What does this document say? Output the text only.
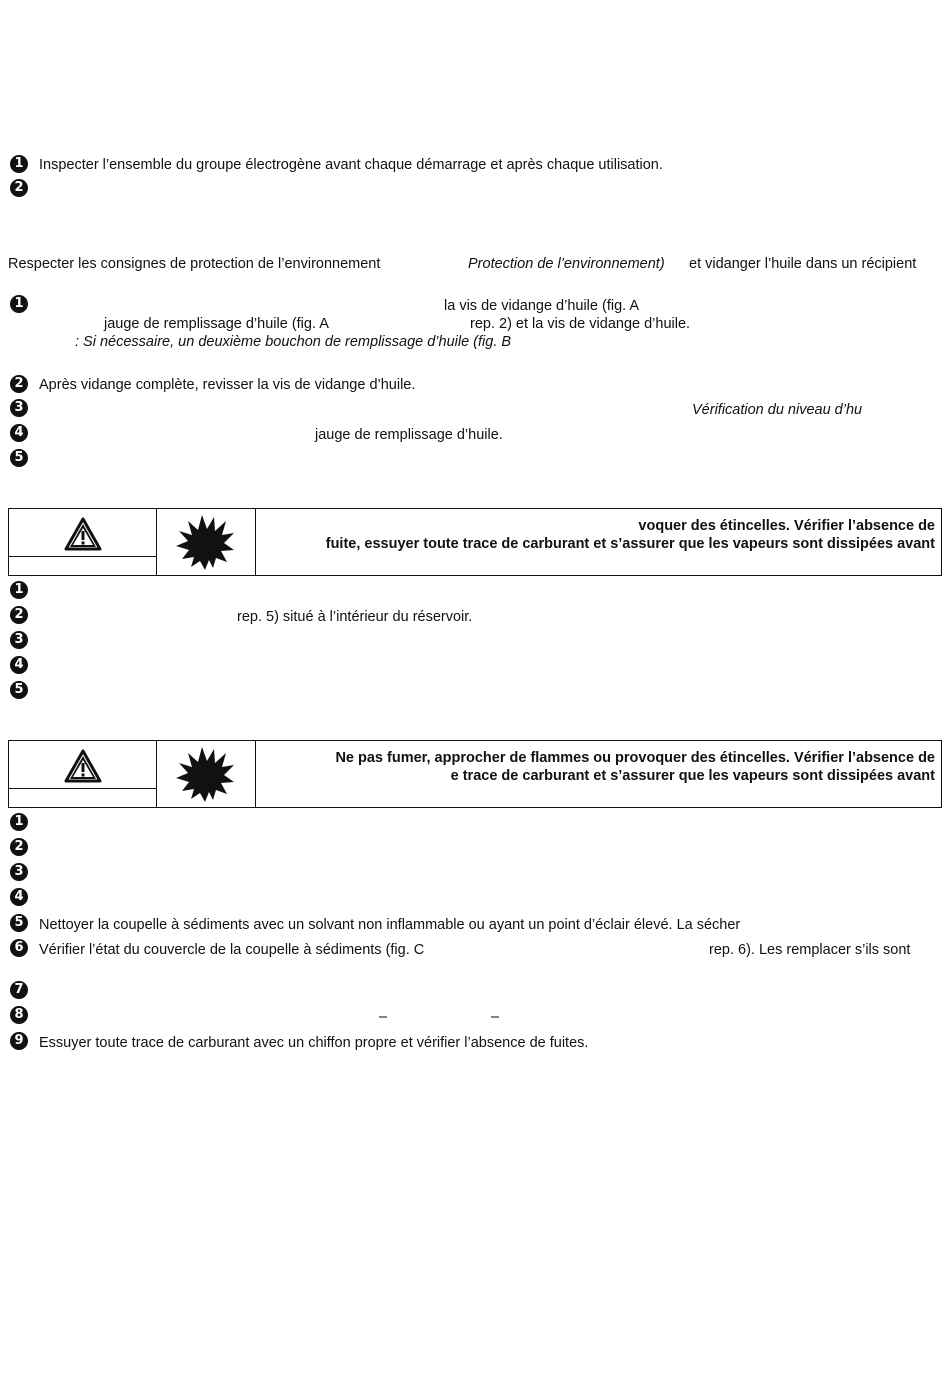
1	Inspecter l’ensemble du groupe électrogène avant chaque démarrage et après chaque utilisation.
2
Respecter les consignes de protection de l’environnement	Protection de l’environnement) et vidanger l’huile dans un récipient
1	la vis de vidange d’huile (fig. A
jauge de remplissage d’huile (fig. A	rep. 2) et la vis de vidange d’huile.
: Si nécessaire, un deuxième bouchon de remplissage d’huile (fig. B
2	Après vidange complète, revisser la vis de vidange d’huile.
3	Vérification du niveau d’hu
4	jauge de remplissage d’huile.
5
voquer des étincelles. Vérifier l’absence de
fuite, essuyer toute trace de carburant et s’assurer que les vapeurs sont dissipées avant
1
2	rep. 5) situé à l’intérieur du réservoir.
3
4
5
Ne pas fumer, approcher de flammes ou provoquer des étincelles. Vérifier l’absence de
e trace de carburant et s’assurer que les vapeurs sont dissipées avant
1
2
3
4
5	Nettoyer la coupelle à sédiments avec un solvant non inflammable ou ayant un point d’éclair élevé. La sécher
6	Vérifier l’état du couvercle de la coupelle à sédiments (fig. C	rep. 6). Les remplacer s’ils sont
7
8	–	–
9	Essuyer toute trace de carburant avec un chiffon propre et vérifier l’absence de fuites.
